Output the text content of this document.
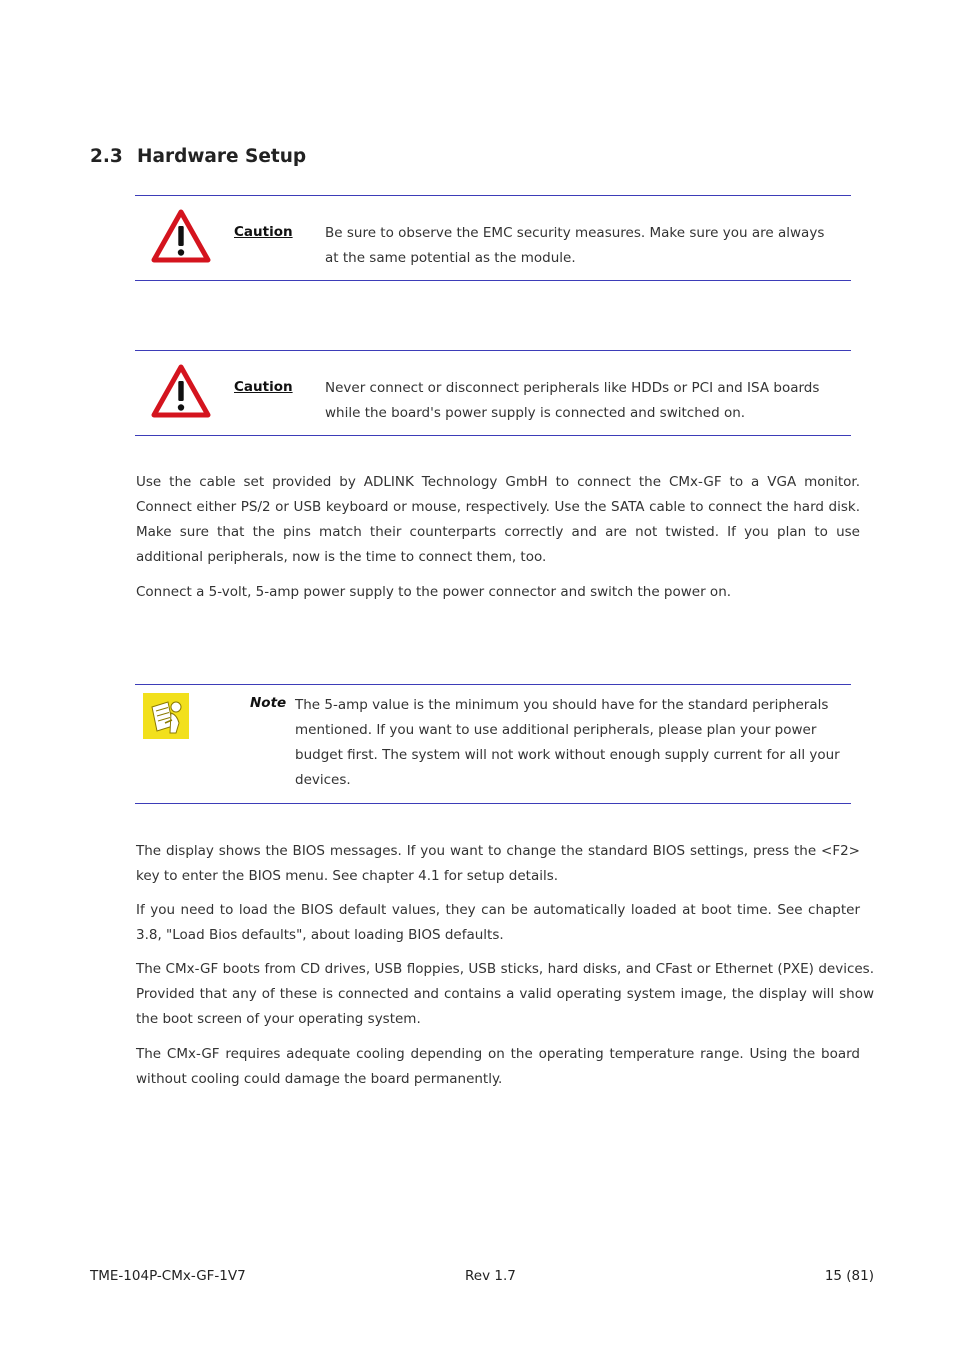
2.3 Hardware Setup
Caution Be sure to observe the EMC security measures. Make sure you are always at the same potential as the module.
Caution Never connect or disconnect peripherals like HDDs or PCI and ISA boards while the board's power supply is connected and switched on.

Use the cable set provided by ADLINK Technology GmbH to connect the CMx-GF to a VGA monitor. Connect either PS/2 or USB keyboard or mouse, respectively. Use the SATA cable to connect the hard disk. Make sure that the pins match their counterparts correctly and are not twisted. If you plan to use additional peripherals, now is the time to connect them, too.

Connect a 5-volt, 5-amp power supply to the power connector and switch the power on.

Note The 5-amp value is the minimum you should have for the standard peripherals mentioned. If you want to use additional peripherals, please plan your power budget first. The system will not work without enough supply current for all your devices.

The display shows the BIOS messages. If you want to change the standard BIOS settings, press the <F2> key to enter the BIOS menu. See chapter 4.1 for setup details.

If you need to load the BIOS default values, they can be automatically loaded at boot time. See chapter 3.8, "Load Bios defaults", about loading BIOS defaults.

The CMx-GF boots from CD drives, USB floppies, USB sticks, hard disks, and CFast or Ethernet (PXE) devices. Provided that any of these is connected and contains a valid operating system image, the display will show the boot screen of your operating system.

The CMx-GF requires adequate cooling depending on the operating temperature range. Using the board without cooling could damage the board permanently.

TME-104P-CMx-GF-1V7	Rev 1.7	15 (81)
